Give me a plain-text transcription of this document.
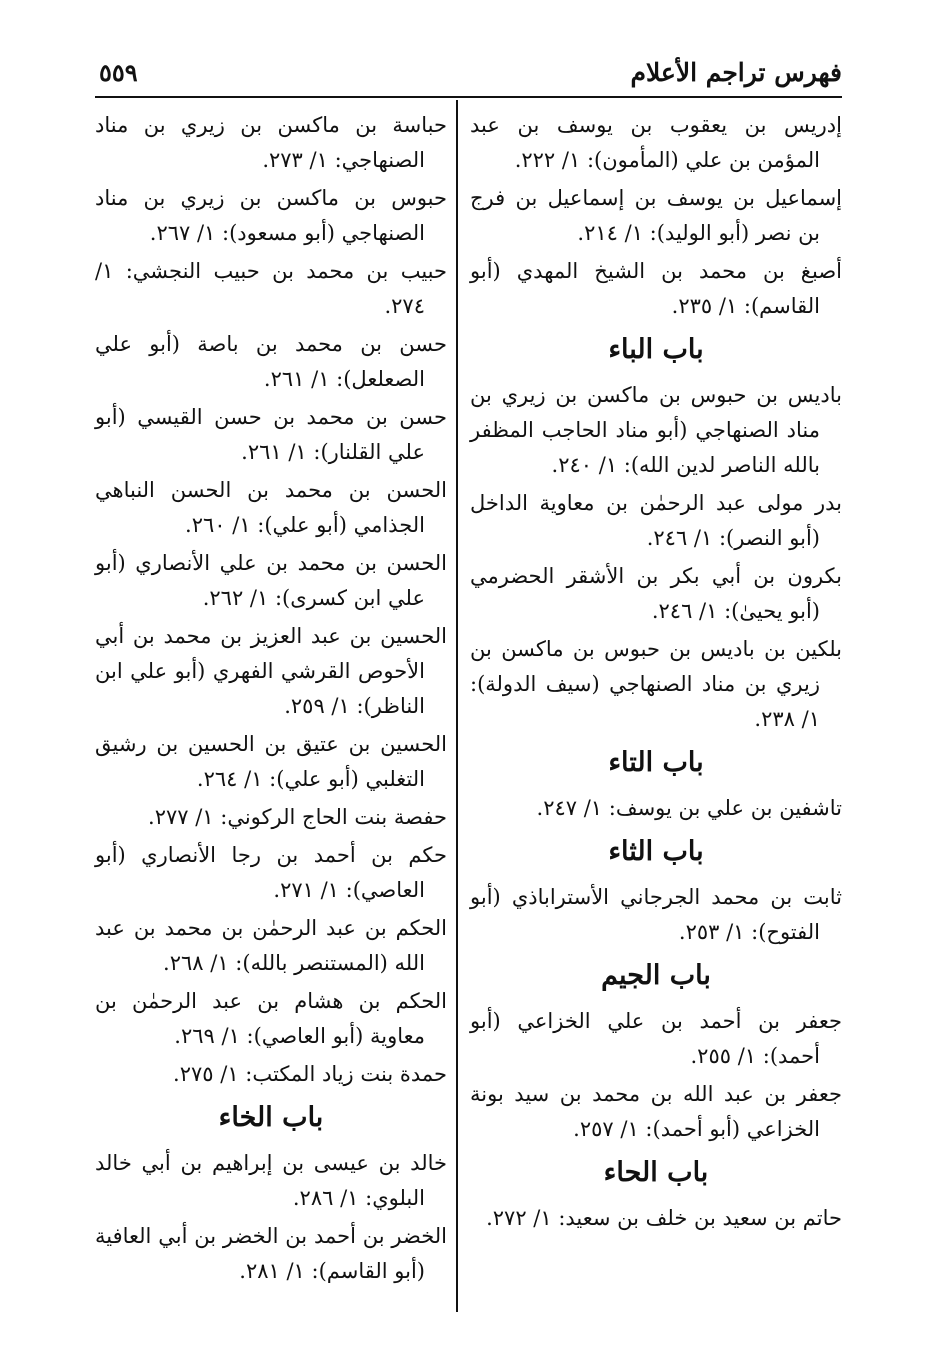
فهرس تراجم الأعلام
٥٥٩

إدريس بن يعقوب بن يوسف بن عبد المؤمن بن علي (المأمون): ١/ ٢٢٢.

إسماعيل بن يوسف بن إسماعيل بن فرج بن نصر (أبو الوليد): ١/ ٢١٤.

أصبغ بن محمد بن الشيخ المهدي (أبو القاسم): ١/ ٢٣٥.

باب الباء

باديس بن حبوس بن ماكسن بن زيري بن مناد الصنهاجي (أبو مناد الحاجب المظفر بالله الناصر لدين الله): ١/ ٢٤٠.

بدر مولى عبد الرحمٰن بن معاوية الداخل (أبو النصر): ١/ ٢٤٦.

بكرون بن أبي بكر بن الأشقر الحضرمي (أبو يحيىٰ): ١/ ٢٤٦.

بلكين بن باديس بن حبوس بن ماكسن بن زيري بن مناد الصنهاجي (سيف الدولة): ١/ ٢٣٨.

باب التاء

تاشفين بن علي بن يوسف: ١/ ٢٤٧.

باب الثاء

ثابت بن محمد الجرجاني الأستراباذي (أبو الفتوح): ١/ ٢٥٣.

باب الجيم

جعفر بن أحمد بن علي الخزاعي (أبو أحمد): ١/ ٢٥٥.

جعفر بن عبد الله بن محمد بن سيد بونة الخزاعي (أبو أحمد): ١/ ٢٥٧.

باب الحاء

حاتم بن سعيد بن خلف بن سعيد: ١/ ٢٧٢.

حباسة بن ماكسن بن زيري بن مناد الصنهاجي: ١/ ٢٧٣.

حبوس بن ماكسن بن زيري بن مناد الصنهاجي (أبو مسعود): ١/ ٢٦٧.

حبيب بن محمد بن حبيب النجشي: ١/ ٢٧٤.

حسن بن محمد بن باصة (أبو علي الصعلعل): ١/ ٢٦١.

حسن بن محمد بن حسن القيسي (أبو علي القلنار): ١/ ٢٦١.

الحسن بن محمد بن الحسن النباهي الجذامي (أبو علي): ١/ ٢٦٠.

الحسن بن محمد بن علي الأنصاري (أبو علي ابن كسرى): ١/ ٢٦٢.

الحسين بن عبد العزيز بن محمد بن أبي الأحوص القرشي الفهري (أبو علي ابن الناظر): ١/ ٢٥٩.

الحسين بن عتيق بن الحسين بن رشيق التغلبي (أبو علي): ١/ ٢٦٤.

حفصة بنت الحاج الركوني: ١/ ٢٧٧.

حكم بن أحمد بن رجا الأنصاري (أبو العاصي): ١/ ٢٧١.

الحكم بن عبد الرحمٰن بن محمد بن عبد الله (المستنصر بالله): ١/ ٢٦٨.

الحكم بن هشام بن عبد الرحمٰن بن معاوية (أبو العاصي): ١/ ٢٦٩.

حمدة بنت زياد المكتب: ١/ ٢٧٥.

باب الخاء

خالد بن عيسى بن إبراهيم بن أبي خالد البلوي: ١/ ٢٨٦.

الخضر بن أحمد بن الخضر بن أبي العافية (أبو القاسم): ١/ ٢٨١.
